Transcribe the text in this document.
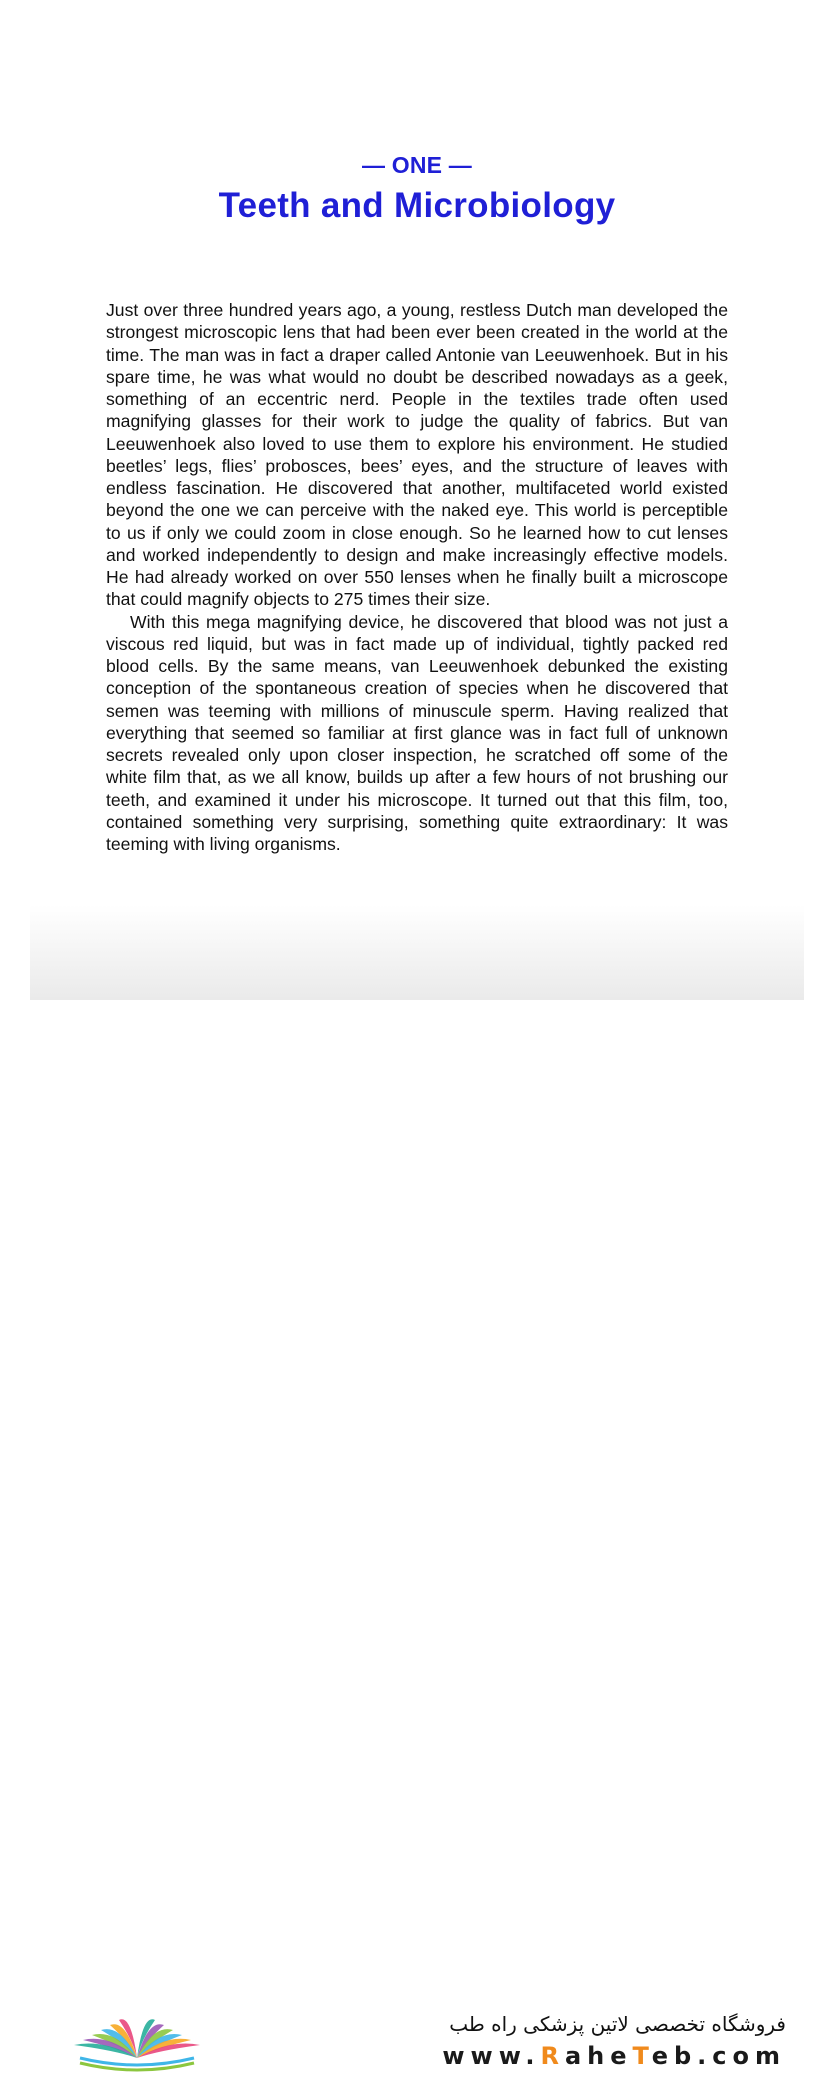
— ONE —
Teeth and Microbiology

Just over three hundred years ago, a young, restless Dutch man developed the strongest microscopic lens that had been ever been created in the world at the time. The man was in fact a draper called Antonie van Leeuwenhoek. But in his spare time, he was what would no doubt be described nowadays as a geek, something of an eccentric nerd. People in the textiles trade often used magnifying glasses for their work to judge the quality of fabrics. But van Leeuwenhoek also loved to use them to explore his environment. He studied beetles’ legs, flies’ probosces, bees’ eyes, and the structure of leaves with endless fascination. He discovered that another, multifaceted world existed beyond the one we can perceive with the naked eye. This world is perceptible to us if only we could zoom in close enough. So he learned how to cut lenses and worked independently to design and make increasingly effective models. He had already worked on over 550 lenses when he finally built a microscope that could magnify objects to 275 times their size.

With this mega magnifying device, he discovered that blood was not just a viscous red liquid, but was in fact made up of individual, tightly packed red blood cells. By the same means, van Leeuwenhoek debunked the existing conception of the spontaneous creation of species when he discovered that semen was teeming with millions of minuscule sperm. Having realized that everything that seemed so familiar at first glance was in fact full of unknown secrets revealed only upon closer inspection, he scratched off some of the white film that, as we all know, builds up after a few hours of not brushing our teeth, and examined it under his microscope. It turned out that this film, too, contained something very surprising, something quite extraordinary: It was teeming with living organisms.

فروشگاه تخصصی لاتین پزشکی راه طب
www.RaheTeb.com
